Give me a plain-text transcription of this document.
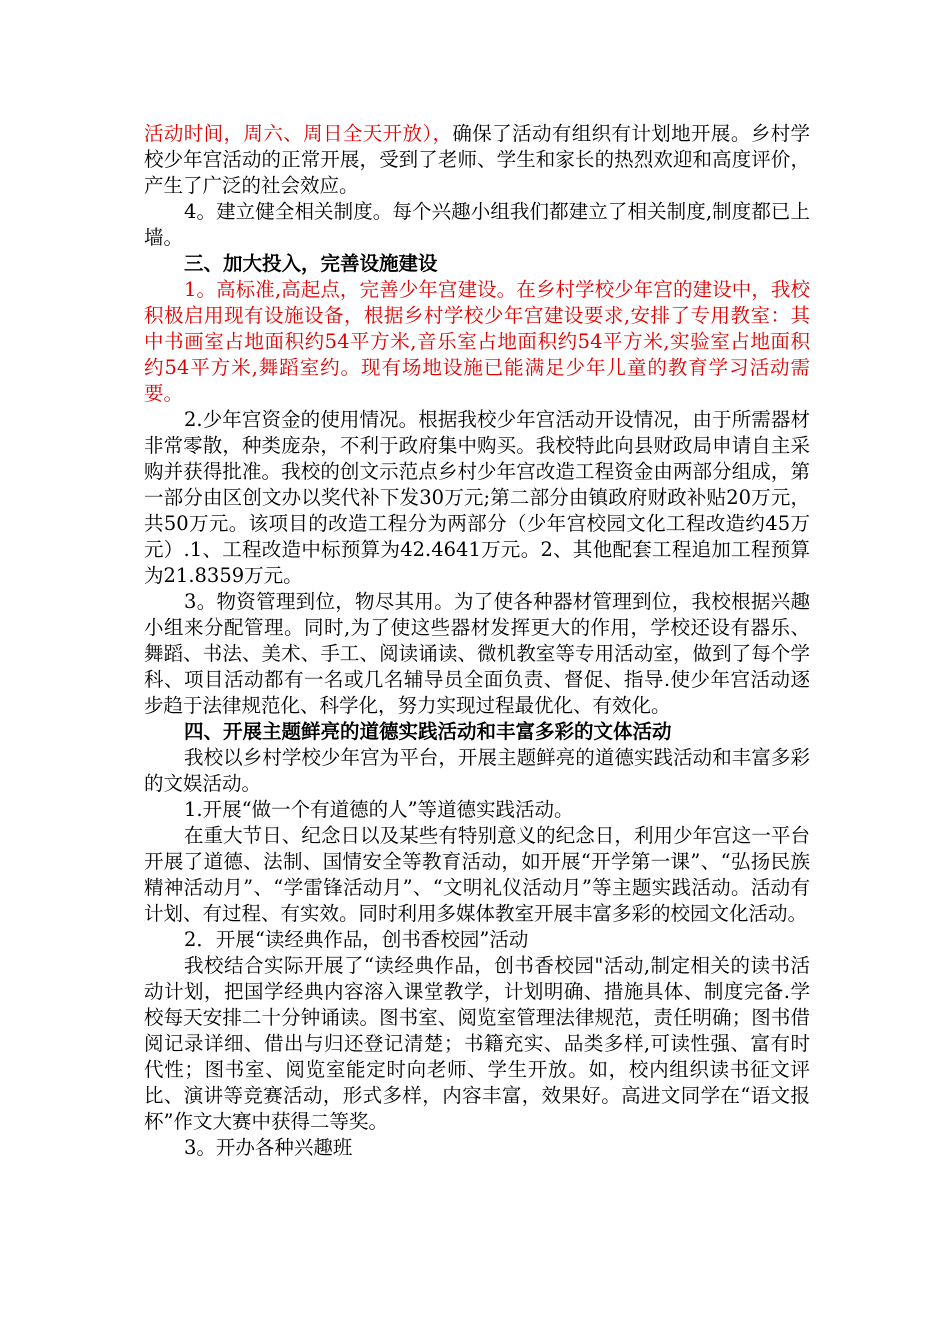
活动时间，周六、周日全天开放），确保了活动有组织有计划地开展。乡村学校少年宫活动的正常开展，受到了老师、学生和家长的热烈欢迎和高度评价，产生了广泛的社会效应。

4。建立健全相关制度。每个兴趣小组我们都建立了相关制度,制度都已上墙。

三、加大投入，完善设施建设

1。高标准,高起点，完善少年宫建设。在乡村学校少年宫的建设中，我校积极启用现有设施设备，根据乡村学校少年宫建设要求,安排了专用教室：其中书画室占地面积约54平方米,音乐室占地面积约54平方米,实验室占地面积约54平方米,舞蹈室约。现有场地设施已能满足少年儿童的教育学习活动需要。

2.少年宫资金的使用情况。根据我校少年宫活动开设情况，由于所需器材非常零散，种类庞杂，不利于政府集中购买。我校特此向县财政局申请自主采购并获得批准。我校的创文示范点乡村少年宫改造工程资金由两部分组成，第一部分由区创文办以奖代补下发30万元;第二部分由镇政府财政补贴20万元，共50万元。该项目的改造工程分为两部分（少年宫校园文化工程改造约45万元）.1、工程改造中标预算为42.4641万元。2、其他配套工程追加工程预算为21.8359万元。

3。物资管理到位，物尽其用。为了使各种器材管理到位，我校根据兴趣小组来分配管理。同时,为了使这些器材发挥更大的作用，学校还设有器乐、舞蹈、书法、美术、手工、阅读诵读、微机教室等专用活动室，做到了每个学科、项目活动都有一名或几名辅导员全面负责、督促、指导.使少年宫活动逐步趋于法律规范化、科学化，努力实现过程最优化、有效化。

四、开展主题鲜亮的道德实践活动和丰富多彩的文体活动

我校以乡村学校少年宫为平台，开展主题鲜亮的道德实践活动和丰富多彩的文娱活动。

1.开展“做一个有道德的人”等道德实践活动。

在重大节日、纪念日以及某些有特别意义的纪念日，利用少年宫这一平台开展了道德、法制、国情安全等教育活动，如开展“开学第一课”、“弘扬民族精神活动月”、“学雷锋活动月”、“文明礼仪活动月”等主题实践活动。活动有计划、有过程、有实效。同时利用多媒体教室开展丰富多彩的校园文化活动。

2．开展“读经典作品，创书香校园”活动

我校结合实际开展了“读经典作品，创书香校园"活动,制定相关的读书活动计划，把国学经典内容溶入课堂教学，计划明确、措施具体、制度完备.学校每天安排二十分钟诵读。图书室、阅览室管理法律规范，责任明确；图书借阅记录详细、借出与归还登记清楚；书籍充实、品类多样,可读性强、富有时代性；图书室、阅览室能定时向老师、学生开放。如，校内组织读书征文评比、演讲等竞赛活动，形式多样，内容丰富，效果好。高进文同学在“语文报杯”作文大赛中获得二等奖。

3。开办各种兴趣班
